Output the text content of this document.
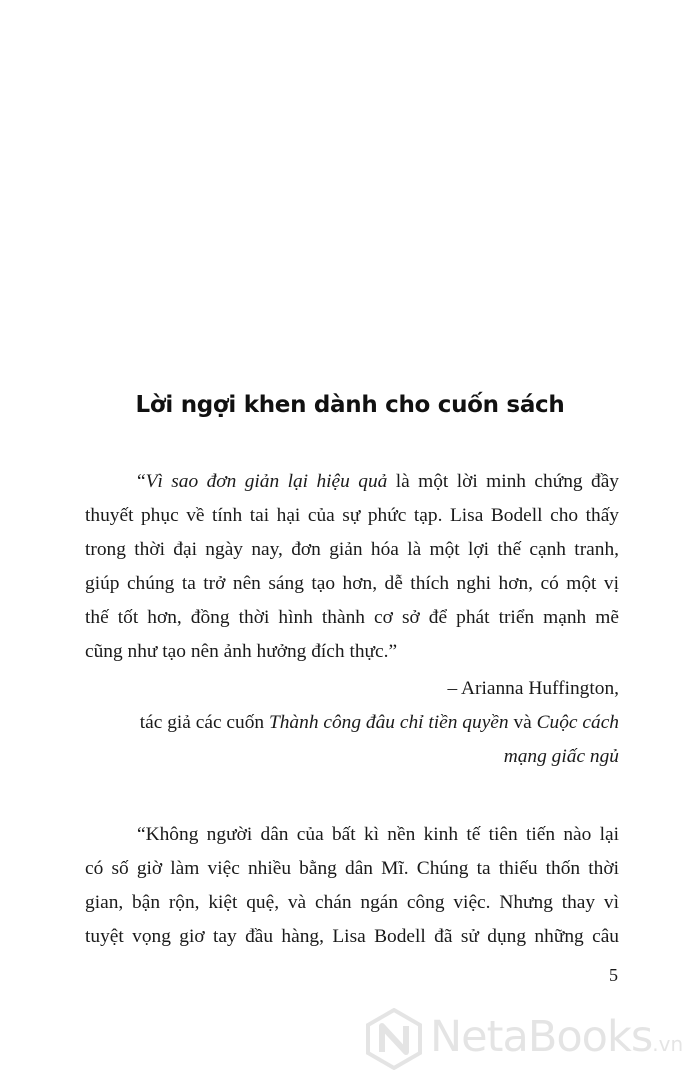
Lời ngợi khen dành cho cuốn sách
“Vì sao đơn giản lại hiệu quả là một lời minh chứng đầy
thuyết phục về tính tai hại của sự phức tạp. Lisa Bodell cho thấy
trong thời đại ngày nay, đơn giản hóa là một lợi thế cạnh tranh,
giúp chúng ta trở nên sáng tạo hơn, dễ thích nghi hơn, có một vị
thế tốt hơn, đồng thời hình thành cơ sở để phát triển mạnh mẽ
cũng như tạo nên ảnh hưởng đích thực.”
– Arianna Huffington,
tác giả các cuốn Thành công đâu chỉ tiền quyền và Cuộc cách
mạng giấc ngủ
“Không người dân của bất kì nền kinh tế tiên tiến nào lại
có số giờ làm việc nhiều bằng dân Mĩ. Chúng ta thiếu thốn thời
gian, bận rộn, kiệt quệ, và chán ngán công việc. Nhưng thay vì
tuyệt vọng giơ tay đầu hàng, Lisa Bodell đã sử dụng những câu
5
NetaBooks.vn
